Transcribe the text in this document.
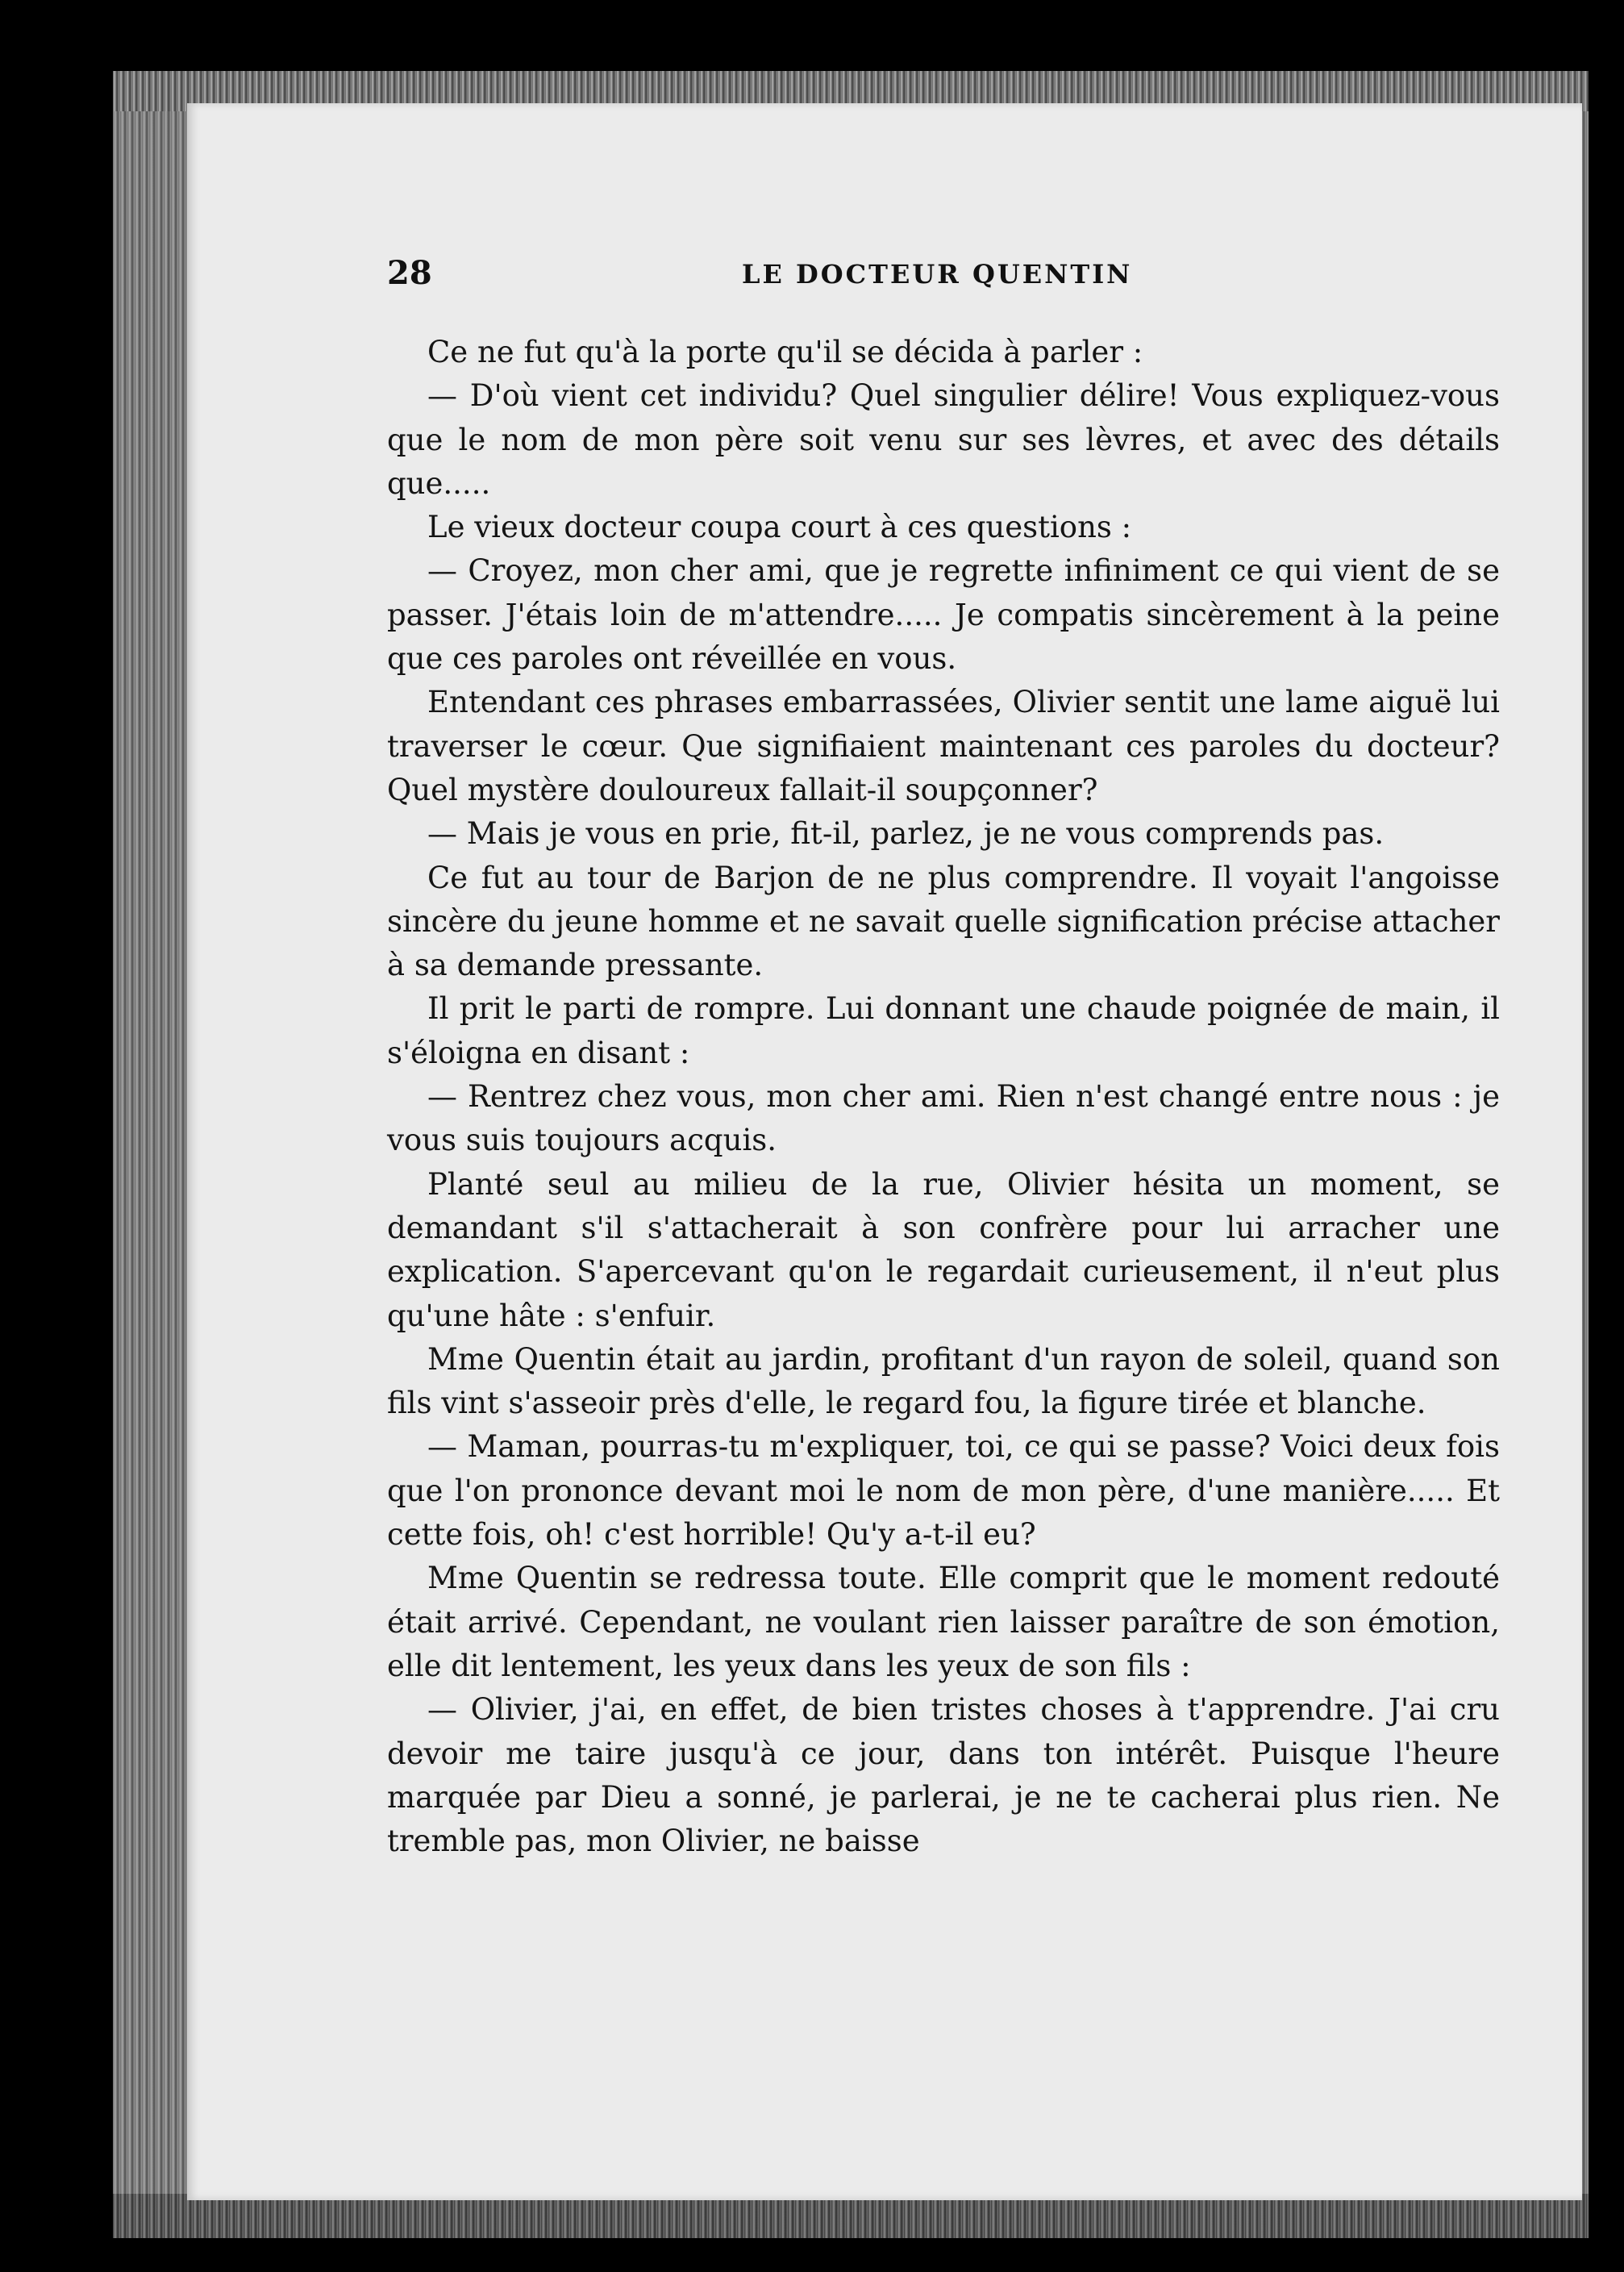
28	LE DOCTEUR QUENTIN

Ce ne fut qu'à la porte qu'il se décida à parler :

— D'où vient cet individu? Quel singulier délire! Vous expliquez-vous que le nom de mon père soit venu sur ses lèvres, et avec des détails que.....

Le vieux docteur coupa court à ces questions :

— Croyez, mon cher ami, que je regrette infiniment ce qui vient de se passer. J'étais loin de m'attendre..... Je compatis sincèrement à la peine que ces paroles ont réveillée en vous.

Entendant ces phrases embarrassées, Olivier sentit une lame aiguë lui traverser le cœur. Que signifiaient maintenant ces paroles du docteur? Quel mystère douloureux fallait-il soupçonner?

— Mais je vous en prie, fit-il, parlez, je ne vous comprends pas.

Ce fut au tour de Barjon de ne plus comprendre. Il voyait l'angoisse sincère du jeune homme et ne savait quelle signification précise attacher à sa demande pressante.

Il prit le parti de rompre. Lui donnant une chaude poignée de main, il s'éloigna en disant :

— Rentrez chez vous, mon cher ami. Rien n'est changé entre nous : je vous suis toujours acquis.

Planté seul au milieu de la rue, Olivier hésita un moment, se demandant s'il s'attacherait à son confrère pour lui arracher une explication. S'apercevant qu'on le regardait curieusement, il n'eut plus qu'une hâte : s'enfuir.

Mme Quentin était au jardin, profitant d'un rayon de soleil, quand son fils vint s'asseoir près d'elle, le regard fou, la figure tirée et blanche.

— Maman, pourras-tu m'expliquer, toi, ce qui se passe? Voici deux fois que l'on prononce devant moi le nom de mon père, d'une manière..... Et cette fois, oh! c'est horrible! Qu'y a-t-il eu?

Mme Quentin se redressa toute. Elle comprit que le moment redouté était arrivé. Cependant, ne voulant rien laisser paraître de son émotion, elle dit lentement, les yeux dans les yeux de son fils :

— Olivier, j'ai, en effet, de bien tristes choses à t'apprendre. J'ai cru devoir me taire jusqu'à ce jour, dans ton intérêt. Puisque l'heure marquée par Dieu a sonné, je parlerai, je ne te cacherai plus rien. Ne tremble pas, mon Olivier, ne baisse
